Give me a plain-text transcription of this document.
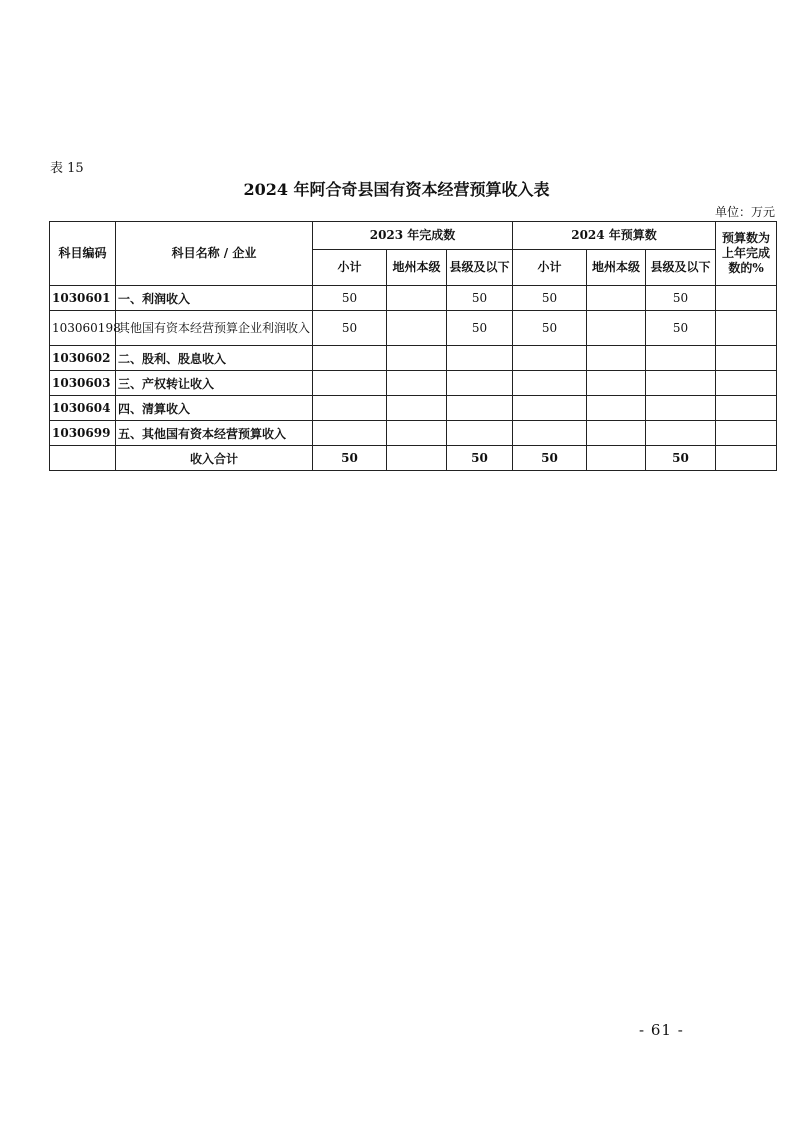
表 15
2024 年阿合奇县国有资本经营预算收入表
单位：万元
科目编码	科目名称 / 企业	2023 年完成数			2024 年预算数			预算数为上年完成数的%
		小计	地州本级	县级及以下	小计	地州本级	县级及以下	
1030601	一、利润收入	50		50	50		50	
103060198	其他国有资本经营预算企业利润收入	50		50	50		50	
1030602	二、股利、股息收入							
1030603	三、产权转让收入							
1030604	四、清算收入							
1030699	五、其他国有资本经营预算收入							
	收入合计	50		50	50		50	
- 61 -
